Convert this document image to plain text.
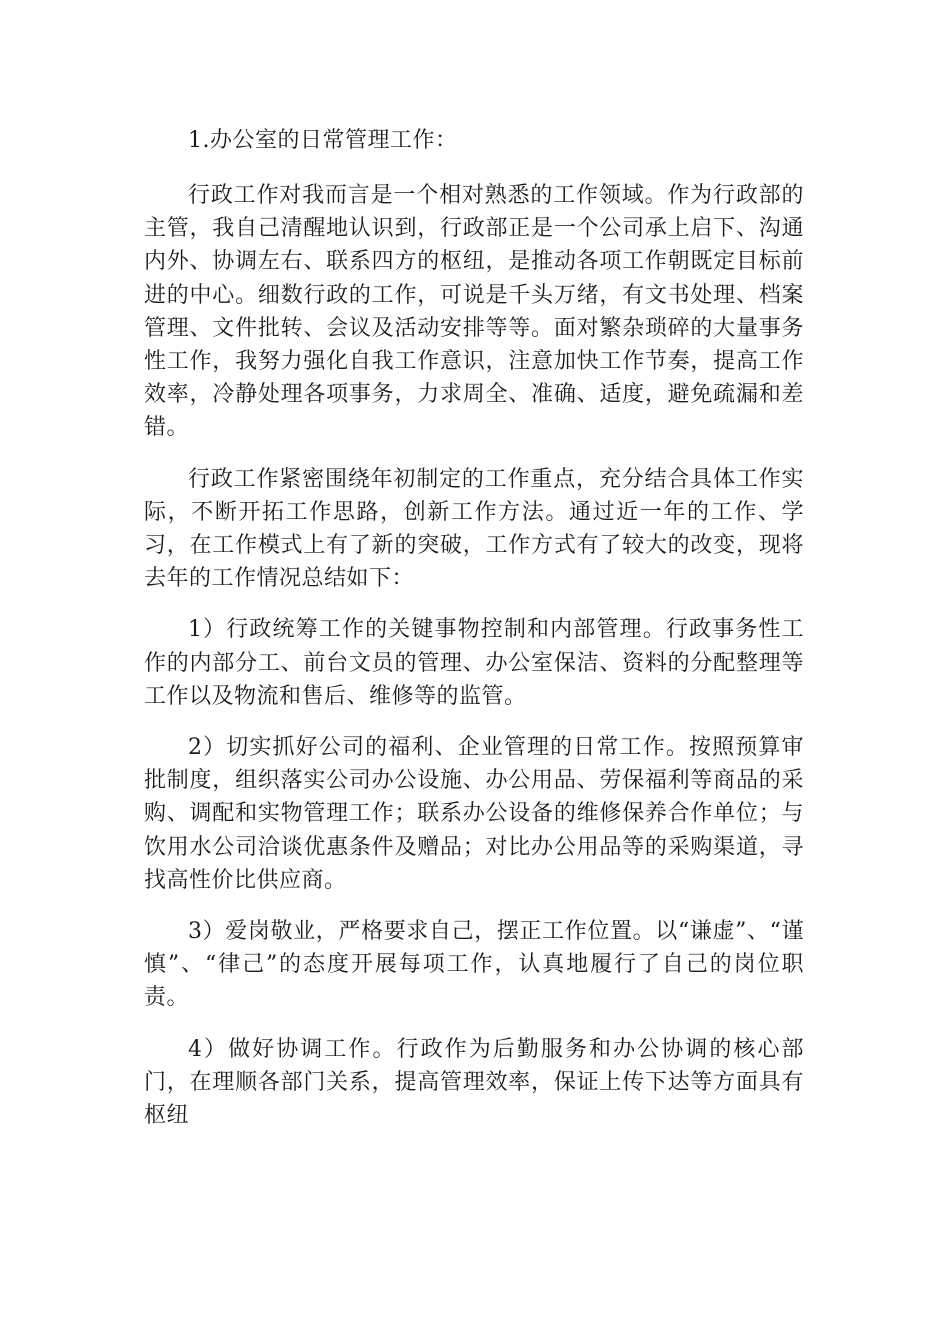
1.办公室的日常管理工作：

行政工作对我而言是一个相对熟悉的工作领域。作为行政部的主管，我自己清醒地认识到，行政部正是一个公司承上启下、沟通内外、协调左右、联系四方的枢纽，是推动各项工作朝既定目标前进的中心。细数行政的工作，可说是千头万绪，有文书处理、档案管理、文件批转、会议及活动安排等等。面对繁杂琐碎的大量事务性工作，我努力强化自我工作意识，注意加快工作节奏，提高工作效率，冷静处理各项事务，力求周全、准确、适度，避免疏漏和差错。

行政工作紧密围绕年初制定的工作重点，充分结合具体工作实际，不断开拓工作思路，创新工作方法。通过近一年的工作、学习，在工作模式上有了新的突破，工作方式有了较大的改变，现将去年的工作情况总结如下：

1）行政统筹工作的关键事物控制和内部管理。行政事务性工作的内部分工、前台文员的管理、办公室保洁、资料的分配整理等工作以及物流和售后、维修等的监管。

2）切实抓好公司的福利、企业管理的日常工作。按照预算审批制度，组织落实公司办公设施、办公用品、劳保福利等商品的采购、调配和实物管理工作；联系办公设备的维修保养合作单位；与饮用水公司洽谈优惠条件及赠品；对比办公用品等的采购渠道，寻找高性价比供应商。

3）爱岗敬业，严格要求自己，摆正工作位置。以“谦虚”、“谨慎”、“律己”的态度开展每项工作，认真地履行了自己的岗位职责。

4）做好协调工作。行政作为后勤服务和办公协调的核心部门，在理顺各部门关系，提高管理效率，保证上传下达等方面具有枢纽
